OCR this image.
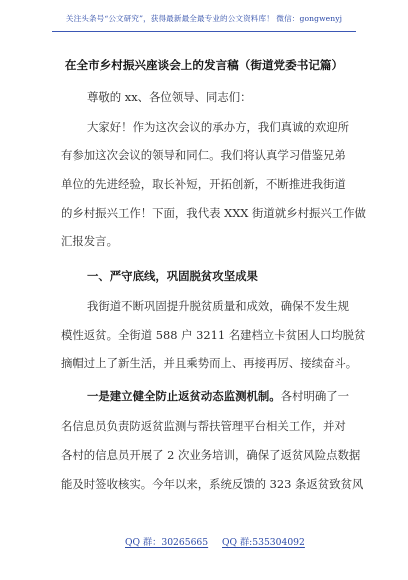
关注头条号“公文研究”，获得最新最全最专业的公文资料库！ 微信：gongwenyj
在全市乡村振兴座谈会上的发言稿（街道党委书记篇）
尊敬的 xx、各位领导、同志们：
大家好！作为这次会议的承办方，我们真诚的欢迎所
有参加这次会议的领导和同仁。我们将认真学习借鉴兄弟
单位的先进经验，取长补短，开拓创新，不断推进我街道
的乡村振兴工作！下面，我代表 XXX 街道就乡村振兴工作做
汇报发言。
一、严守底线，巩固脱贫攻坚成果
我街道不断巩固提升脱贫质量和成效，确保不发生规
模性返贫。全街道 588 户 3211 名建档立卡贫困人口均脱贫
摘帽过上了新生活，并且乘势而上、再接再厉、接续奋斗。
一是建立健全防止返贫动态监测机制。各村明确了一
名信息员负责防返贫监测与帮扶管理平台相关工作，并对
各村的信息员开展了 2 次业务培训，确保了返贫风险点数据
能及时签收核实。今年以来，系统反馈的 323 条返贫致贫风
QQ 群：30265665 QQ 群:535304092
